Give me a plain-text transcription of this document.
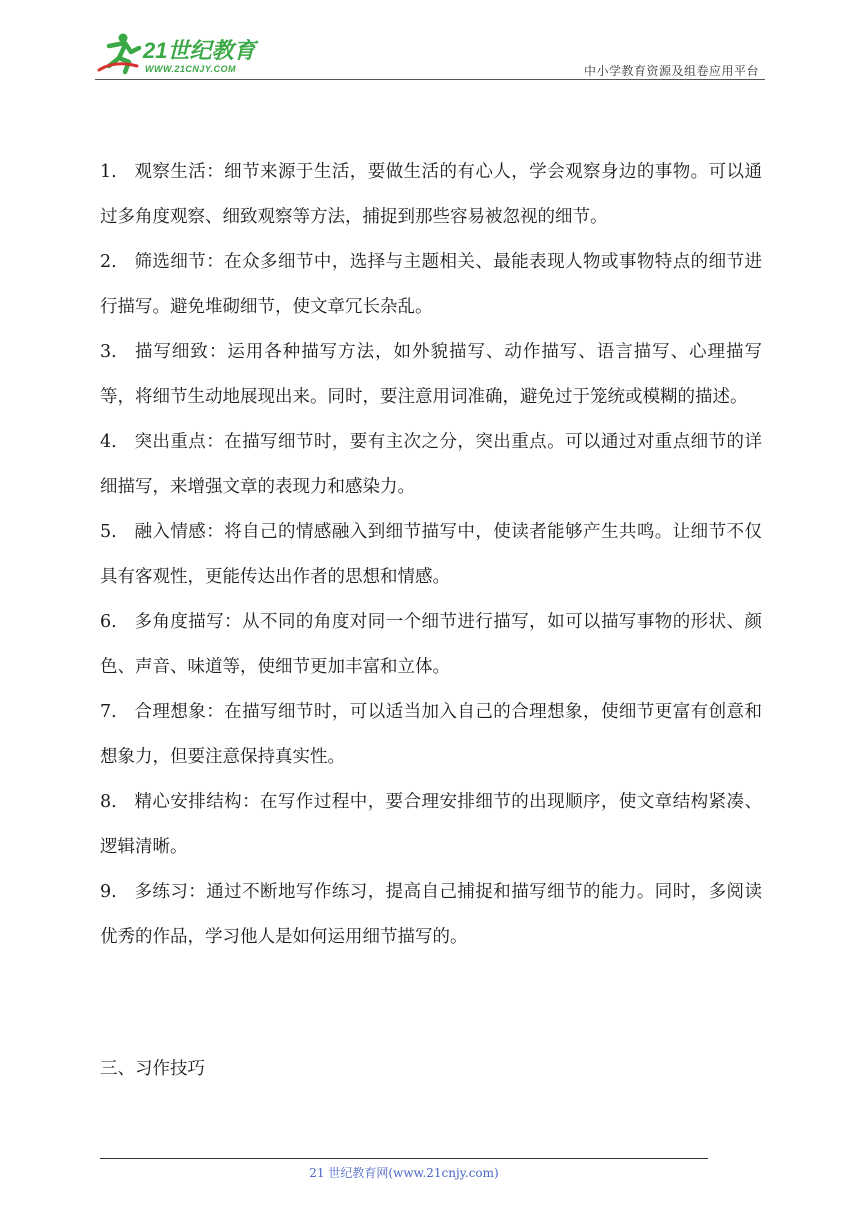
21世纪教育
WWW.21CNJY.COM	中小学教育资源及组卷应用平台

1. 观察生活：细节来源于生活，要做生活的有心人，学会观察身边的事物。可以通过多角度观察、细致观察等方法，捕捉到那些容易被忽视的细节。

2. 筛选细节：在众多细节中，选择与主题相关、最能表现人物或事物特点的细节进行描写。避免堆砌细节，使文章冗长杂乱。

3. 描写细致：运用各种描写方法，如外貌描写、动作描写、语言描写、心理描写等，将细节生动地展现出来。同时，要注意用词准确，避免过于笼统或模糊的描述。

4. 突出重点：在描写细节时，要有主次之分，突出重点。可以通过对重点细节的详细描写，来增强文章的表现力和感染力。

5. 融入情感：将自己的情感融入到细节描写中，使读者能够产生共鸣。让细节不仅具有客观性，更能传达出作者的思想和情感。

6. 多角度描写：从不同的角度对同一个细节进行描写，如可以描写事物的形状、颜色、声音、味道等，使细节更加丰富和立体。

7. 合理想象：在描写细节时，可以适当加入自己的合理想象，使细节更富有创意和想象力，但要注意保持真实性。

8. 精心安排结构：在写作过程中，要合理安排细节的出现顺序，使文章结构紧凑、逻辑清晰。

9. 多练习：通过不断地写作练习，提高自己捕捉和描写细节的能力。同时，多阅读优秀的作品，学习他人是如何运用细节描写的。

三、习作技巧

21 世纪教育网(www.21cnjy.com)
